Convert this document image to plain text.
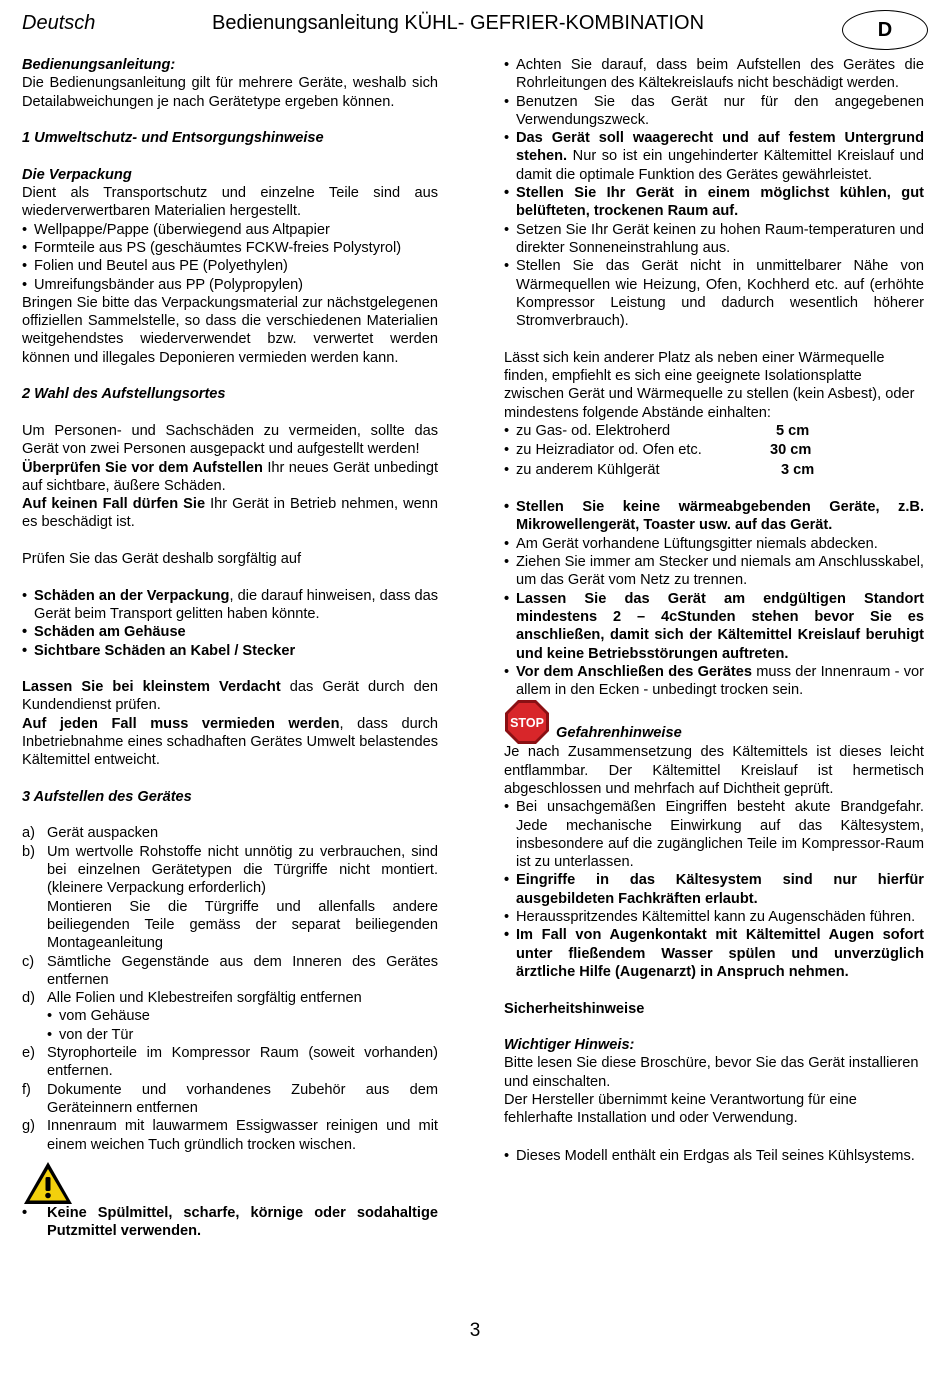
Deutsch	Bedienungsanleitung KÜHL- GEFRIER-KOMBINATION	D
Bedienungsanleitung:
Die Bedienungsanleitung gilt für mehrere Geräte, weshalb sich Detailabweichungen je nach Gerätetype ergeben können.
1 Umweltschutz- und Entsorgungshinweise
Die Verpackung
Dient als Transportschutz und einzelne Teile sind aus wiederverwertbaren Materialien hergestellt.
• Wellpappe/Pappe (überwiegend aus Altpapier
• Formteile aus PS (geschäumtes FCKW-freies Polystyrol)
• Folien und Beutel aus PE (Polyethylen)
• Umreifungsbänder aus PP (Polypropylen)
Bringen Sie bitte das Verpackungsmaterial zur nächstgelegenen offiziellen Sammelstelle, so dass die verschiedenen Materialien weitgehendstes wiederverwendet bzw. verwertet werden können und illegales Deponieren vermieden werden kann.
2 Wahl des Aufstellungsortes
Um Personen- und Sachschäden zu vermeiden, sollte das Gerät von zwei Personen ausgepackt und aufgestellt werden!
Überprüfen Sie vor dem Aufstellen Ihr neues Gerät unbedingt auf sichtbare, äußere Schäden.
Auf keinen Fall dürfen Sie Ihr Gerät in Betrieb nehmen, wenn es beschädigt ist.
Prüfen Sie das Gerät deshalb sorgfältig auf
• Schäden an der Verpackung, die darauf hinweisen, dass das Gerät beim Transport gelitten haben könnte.
• Schäden am Gehäuse
• Sichtbare Schäden an Kabel / Stecker
Lassen Sie bei kleinstem Verdacht das Gerät durch den Kundendienst prüfen.
Auf jeden Fall muss vermieden werden, dass durch Inbetriebnahme eines schadhaften Gerätes Umwelt belastendes Kältemittel entweicht.
3 Aufstellen des Gerätes
a) Gerät auspacken
b) Um wertvolle Rohstoffe nicht unnötig zu verbrauchen, sind bei einzelnen Gerätetypen die Türgriffe nicht montiert. (kleinere Verpackung erforderlich)
Montieren Sie die Türgriffe und allenfalls andere beiliegenden Teile gemäss der separat beiliegenden Montageanleitung
c) Sämtliche Gegenstände aus dem Inneren des Gerätes entfernen
d) Alle Folien und Klebestreifen sorgfältig entfernen
• vom Gehäuse
• von der Tür
e) Styrophorteile im Kompressor Raum (soweit vorhanden) entfernen.
f) Dokumente und vorhandenes Zubehör aus dem Geräteinnern entfernen
g) Innenraum mit lauwarmem Essigwasser reinigen und mit einem weichen Tuch gründlich trocken wischen.
• Keine Spülmittel, scharfe, körnige oder sodahaltige Putzmittel verwenden.
• Achten Sie darauf, dass beim Aufstellen des Gerätes die Rohrleitungen des Kältekreislaufs nicht beschädigt werden.
• Benutzen Sie das Gerät nur für den angegebenen Verwendungszweck.
• Das Gerät soll waagerecht und auf festem Untergrund stehen. Nur so ist ein ungehinderter Kältemittel Kreislauf und damit die optimale Funktion des Gerätes gewährleistet.
• Stellen Sie Ihr Gerät in einem möglichst kühlen, gut belüfteten, trockenen Raum auf.
• Setzen Sie Ihr Gerät keinen zu hohen Raum-temperaturen und direkter Sonneneinstrahlung aus.
• Stellen Sie das Gerät nicht in unmittelbarer Nähe von Wärmequellen wie Heizung, Ofen, Kochherd etc. auf (erhöhte Kompressor Leistung und dadurch wesentlich höherer Stromverbrauch).
Lässt sich kein anderer Platz als neben einer Wärmequelle finden, empfiehlt es sich eine geeignete Isolationsplatte zwischen Gerät und Wärmequelle zu stellen (kein Asbest), oder mindestens folgende Abstände einhalten:
• zu Gas- od. Elektroherd	5 cm
• zu Heizradiator od. Ofen etc.	30 cm
• zu anderem Kühlgerät	3 cm
• Stellen Sie keine wärmeabgebenden Geräte, z.B. Mikrowellengerät, Toaster usw. auf das Gerät.
• Am Gerät vorhandene Lüftungsgitter niemals abdecken.
• Ziehen Sie immer am Stecker und niemals am Anschlusskabel, um das Gerät vom Netz zu trennen.
• Lassen Sie das Gerät am endgültigen Standort mindestens 2 – 4cStunden stehen bevor Sie es anschließen, damit sich der Kältemittel Kreislauf beruhigt und keine Betriebsstörungen auftreten.
• Vor dem Anschließen des Gerätes muss der Innenraum - vor allem in den Ecken - unbedingt trocken sein.
STOP
Gefahrenhinweise
Je nach Zusammensetzung des Kältemittels ist dieses leicht entflammbar. Der Kältemittel Kreislauf ist hermetisch abgeschlossen und mehrfach auf Dichtheit geprüft.
• Bei unsachgemäßen Eingriffen besteht akute Brandgefahr. Jede mechanische Einwirkung auf das Kältesystem, insbesondere auf die zugänglichen Teile im Kompressor-Raum ist zu unterlassen.
• Eingriffe in das Kältesystem sind nur hierfür ausgebildeten Fachkräften erlaubt.
• Herausspritzendes Kältemittel kann zu Augenschäden führen.
• Im Fall von Augenkontakt mit Kältemittel Augen sofort unter fließendem Wasser spülen und unverzüglich ärztliche Hilfe (Augenarzt) in Anspruch nehmen.
Sicherheitshinweise
Wichtiger Hinweis:
Bitte lesen Sie diese Broschüre, bevor Sie das Gerät installieren und einschalten.
Der Hersteller übernimmt keine Verantwortung für eine fehlerhafte Installation und oder Verwendung.
• Dieses Modell enthält ein Erdgas als Teil seines Kühlsystems.
3
